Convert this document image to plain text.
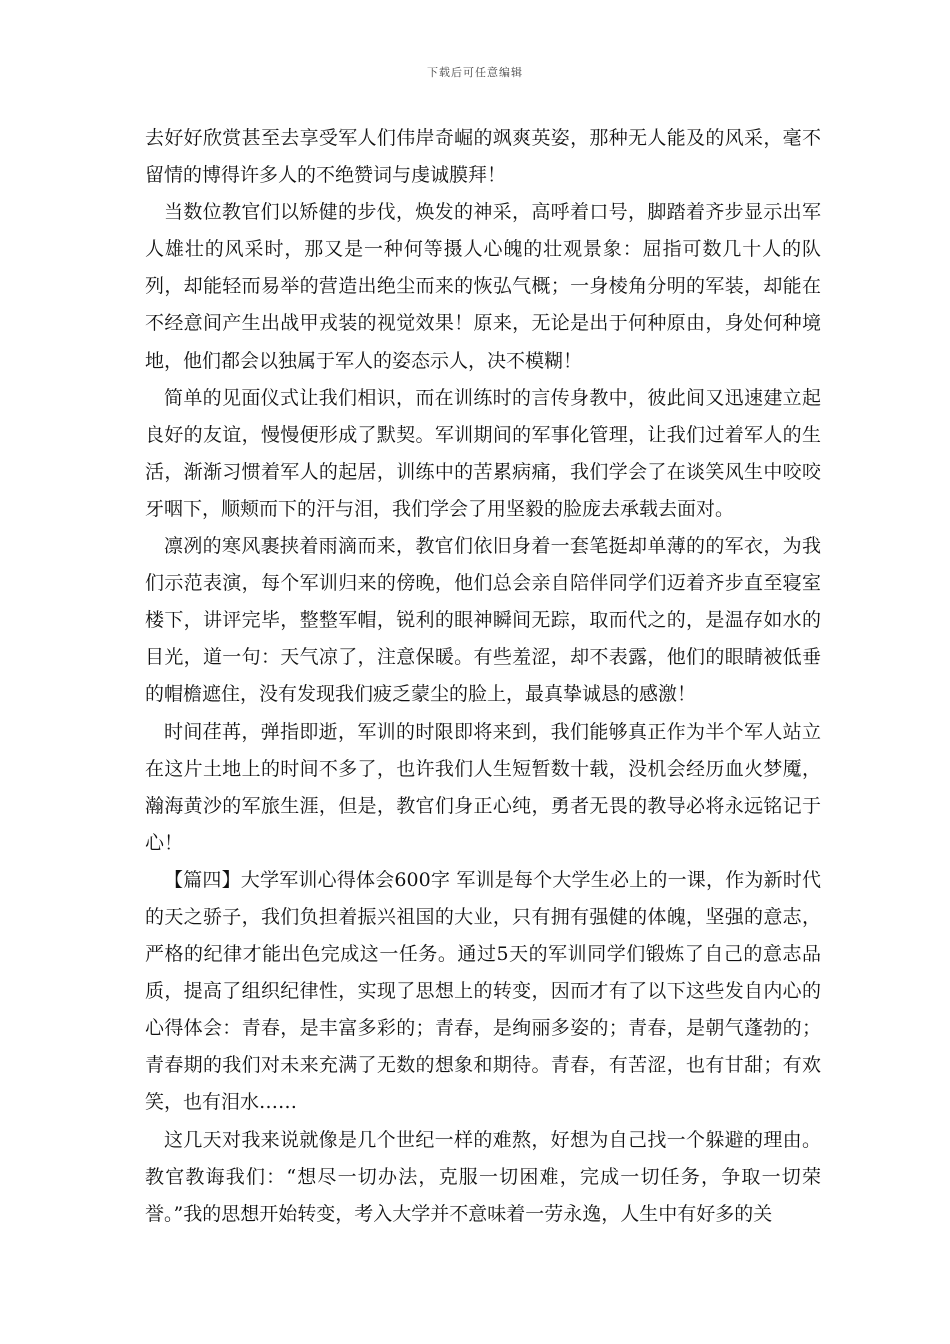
下载后可任意编辑

去好好欣赏甚至去享受军人们伟岸奇崛的飒爽英姿，那种无人能及的风采，毫不留情的博得许多人的不绝赞词与虔诚膜拜！

当数位教官们以矫健的步伐，焕发的神采，高呼着口号，脚踏着齐步显示出军人雄壮的风采时，那又是一种何等摄人心魄的壮观景象：屈指可数几十人的队列，却能轻而易举的营造出绝尘而来的恢弘气概；一身棱角分明的军装，却能在不经意间产生出战甲戎装的视觉效果！原来，无论是出于何种原由，身处何种境地，他们都会以独属于军人的姿态示人，决不模糊！

简单的见面仪式让我们相识，而在训练时的言传身教中，彼此间又迅速建立起良好的友谊，慢慢便形成了默契。军训期间的军事化管理，让我们过着军人的生活，渐渐习惯着军人的起居，训练中的苦累病痛，我们学会了在谈笑风生中咬咬牙咽下，顺颊而下的汗与泪，我们学会了用坚毅的脸庞去承载去面对。

凛冽的寒风裹挟着雨滴而来，教官们依旧身着一套笔挺却单薄的的军衣，为我们示范表演，每个军训归来的傍晚，他们总会亲自陪伴同学们迈着齐步直至寝室楼下，讲评完毕，整整军帽，锐利的眼神瞬间无踪，取而代之的，是温存如水的目光，道一句：天气凉了，注意保暖。有些羞涩，却不表露，他们的眼睛被低垂的帽檐遮住，没有发现我们疲乏蒙尘的脸上，最真挚诚恳的感激！

时间荏苒，弹指即逝，军训的时限即将来到，我们能够真正作为半个军人站立在这片土地上的时间不多了，也许我们人生短暂数十载，没机会经历血火梦魇，瀚海黄沙的军旅生涯，但是，教官们身正心纯，勇者无畏的教导必将永远铭记于心！

【篇四】大学军训心得体会600字 军训是每个大学生必上的一课，作为新时代的天之骄子，我们负担着振兴祖国的大业，只有拥有强健的体魄，坚强的意志，严格的纪律才能出色完成这一任务。通过5天的军训同学们锻炼了自己的意志品质，提高了组织纪律性，实现了思想上的转变，因而才有了以下这些发自内心的心得体会：青春，是丰富多彩的；青春，是绚丽多姿的；青春，是朝气蓬勃的；青春期的我们对未来充满了无数的想象和期待。青春，有苦涩，也有甘甜；有欢笑，也有泪水……

这几天对我来说就像是几个世纪一样的难熬，好想为自己找一个躲避的理由。教官教诲我们：“想尽一切办法，克服一切困难，完成一切任务，争取一切荣誉。”我的思想开始转变，考入大学并不意味着一劳永逸，人生中有好多的关
